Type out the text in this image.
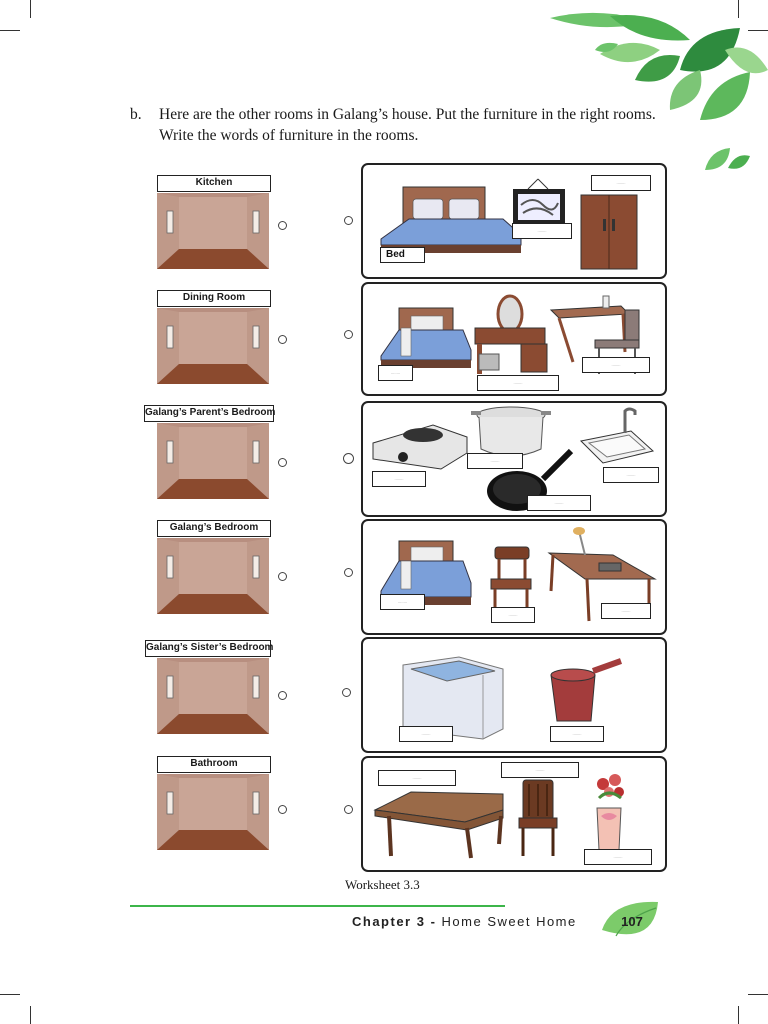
b. Here are the other rooms in Galang’s house. Put the furniture in the right rooms. Write the words of furniture in the rooms.
Kitchen
Dining Room
Galang’s Parent’s Bedroom
Galang’s Bedroom
Galang’s Sister’s Bedroom
Bathroom
Bed
........
........
........
........
........
........
........
........
........
........
........
........
........	........
........
........
........
Worksheet 3.3
Chapter 3 - Home Sweet Home	107
